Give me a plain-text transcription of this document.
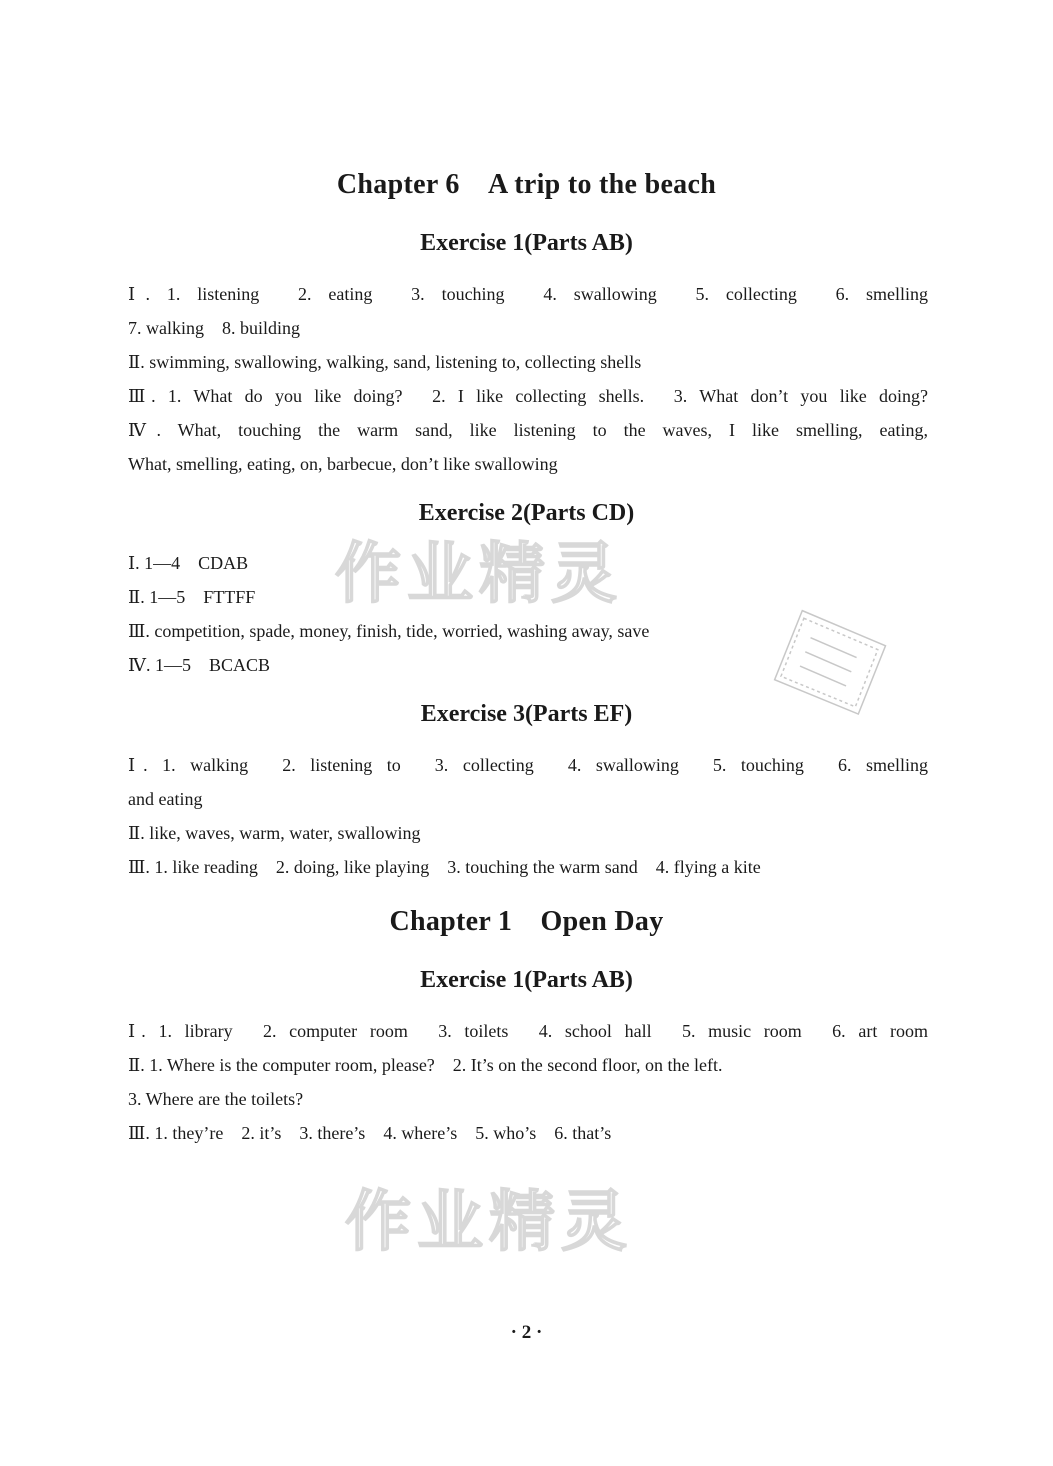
作业精灵
作业精灵
Chapter 6　A trip to the beach
Exercise 1(Parts AB)
Ⅰ. 1. listening　2. eating　3. touching　4. swallowing　5. collecting　6. smelling
7. walking　8. building
Ⅱ. swimming, swallowing, walking, sand, listening to, collecting shells
Ⅲ. 1. What do you like doing?　2. I like collecting shells.　3. What don’t you like doing?
Ⅳ. What, touching the warm sand, like listening to the waves, I like smelling, eating,
What, smelling, eating, on, barbecue, don’t like swallowing
Exercise 2(Parts CD)
Ⅰ. 1—4　CDAB
Ⅱ. 1—5　FTTFF
Ⅲ. competition, spade, money, finish, tide, worried, washing away, save
Ⅳ. 1—5　BCACB
Exercise 3(Parts EF)
Ⅰ. 1. walking　2. listening to　3. collecting　4. swallowing　5. touching　6. smelling
and eating
Ⅱ. like, waves, warm, water, swallowing
Ⅲ. 1. like reading　2. doing, like playing　3. touching the warm sand　4. flying a kite
Chapter 1　Open Day
Exercise 1(Parts AB)
Ⅰ. 1. library　2. computer room　3. toilets　4. school hall　5. music room　6. art room
Ⅱ. 1. Where is the computer room, please?　2. It’s on the second floor, on the left.
3. Where are the toilets?
Ⅲ. 1. they’re　2. it’s　3. there’s　4. where’s　5. who’s　6. that’s
· 2 ·
